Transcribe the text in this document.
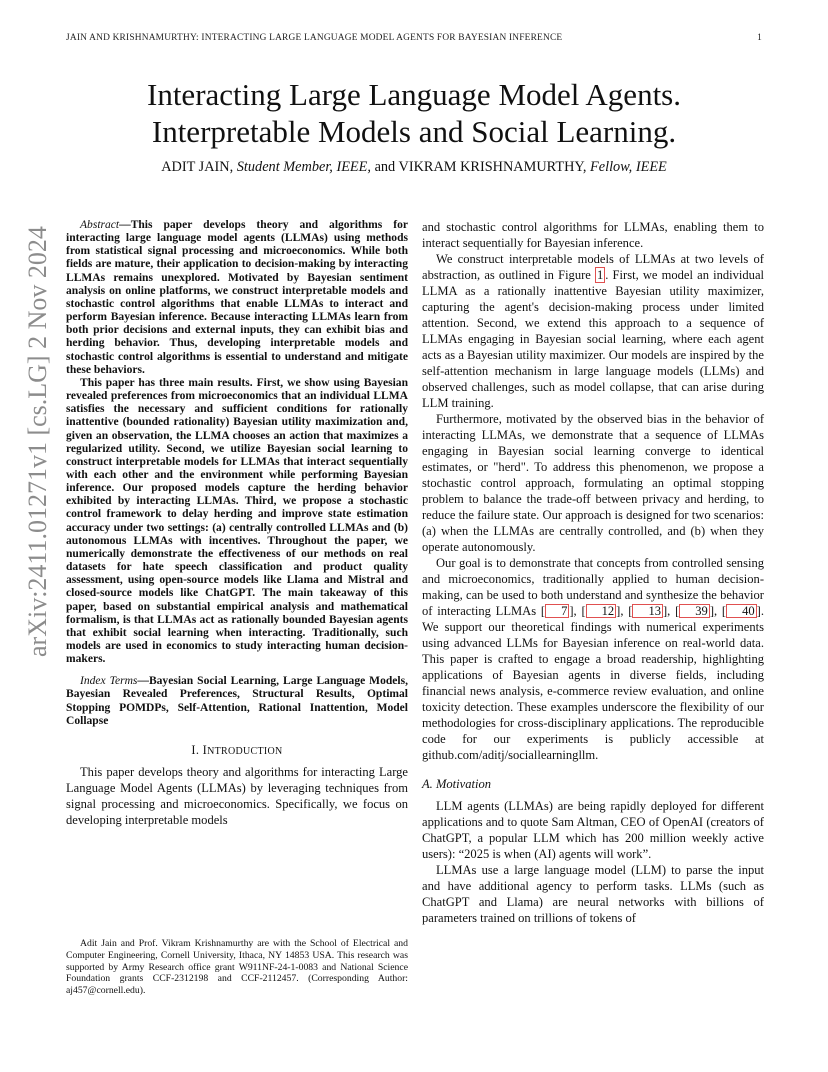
JAIN AND KRISHNAMURTHY: INTERACTING LARGE LANGUAGE MODEL AGENTS FOR BAYESIAN INFERENCE	1
arXiv:2411.01271v1 [cs.LG] 2 Nov 2024
Interacting Large Language Model Agents.
Interpretable Models and Social Learning.
ADIT JAIN, Student Member, IEEE, and VIKRAM KRISHNAMURTHY, Fellow, IEEE

Abstract—This paper develops theory and algorithms for interacting large language model agents (LLMAs) using methods from statistical signal processing and microeconomics. While both fields are mature, their application to decision-making by interacting LLMAs remains unexplored. Motivated by Bayesian sentiment analysis on online platforms, we construct interpretable models and stochastic control algorithms that enable LLMAs to interact and perform Bayesian inference. Because interacting LLMAs learn from both prior decisions and external inputs, they can exhibit bias and herding behavior. Thus, developing interpretable models and stochastic control algorithms is essential to understand and mitigate these behaviors.

This paper has three main results. First, we show using Bayesian revealed preferences from microeconomics that an individual LLMA satisfies the necessary and sufficient conditions for rationally inattentive (bounded rationality) Bayesian utility maximization and, given an observation, the LLMA chooses an action that maximizes a regularized utility. Second, we utilize Bayesian social learning to construct interpretable models for LLMAs that interact sequentially with each other and the environment while performing Bayesian inference. Our proposed models capture the herding behavior exhibited by interacting LLMAs. Third, we propose a stochastic control framework to delay herding and improve state estimation accuracy under two settings: (a) centrally controlled LLMAs and (b) autonomous LLMAs with incentives. Throughout the paper, we numerically demonstrate the effectiveness of our methods on real datasets for hate speech classification and product quality assessment, using open-source models like Llama and Mistral and closed-source models like ChatGPT. The main takeaway of this paper, based on substantial empirical analysis and mathematical formalism, is that LLMAs act as rationally bounded Bayesian agents that exhibit social learning when interacting. Traditionally, such models are used in economics to study interacting human decision-makers.

Index Terms—Bayesian Social Learning, Large Language Models, Bayesian Revealed Preferences, Structural Results, Optimal Stopping POMDPs, Self-Attention, Rational Inattention, Model Collapse

I. INTRODUCTION

This paper develops theory and algorithms for interacting Large Language Model Agents (LLMAs) by leveraging techniques from signal processing and microeconomics. Specifically, we focus on developing interpretable models

Adit Jain and Prof. Vikram Krishnamurthy are with the School of Electrical and Computer Engineering, Cornell University, Ithaca, NY 14853 USA. This research was supported by Army Research office grant W911NF-24-1-0083 and National Science Foundation grants CCF-2312198 and CCF-2112457. (Corresponding Author: aj457@cornell.edu).

and stochastic control algorithms for LLMAs, enabling them to interact sequentially for Bayesian inference.

We construct interpretable models of LLMAs at two levels of abstraction, as outlined in Figure 1 . First, we model an individual LLMA as a rationally inattentive Bayesian utility maximizer, capturing the agent's decision-making process under limited attention. Second, we extend this approach to a sequence of LLMAs engaging in Bayesian social learning, where each agent acts as a Bayesian utility maximizer. Our models are inspired by the self-attention mechanism in large language models (LLMs) and observed challenges, such as model collapse, that can arise during LLM training.

Furthermore, motivated by the observed bias in the behavior of interacting LLMAs, we demonstrate that a sequence of LLMAs engaging in Bayesian social learning converge to identical estimates, or "herd". To address this phenomenon, we propose a stochastic control approach, formulating an optimal stopping problem to balance the trade-off between privacy and herding, to reduce the failure state. Our approach is designed for two scenarios: (a) when the LLMAs are centrally controlled, and (b) when they operate autonomously.

Our goal is to demonstrate that concepts from controlled sensing and microeconomics, traditionally applied to human decision-making, can be used to both understand and synthesize the behavior of interacting LLMAs [ 7 ], [ 12 ], [ 13 ], [ 39 ], [ 40 ]. We support our theoretical findings with numerical experiments using advanced LLMs for Bayesian inference on real-world data. This paper is crafted to engage a broad readership, highlighting applications of Bayesian agents in diverse fields, including financial news analysis, e-commerce review evaluation, and online toxicity detection. These examples underscore the flexibility of our methodologies for cross-disciplinary applications. The reproducible code for our experiments is publicly accessible at github.com/aditj/sociallearningllm.

A. Motivation

LLM agents (LLMAs) are being rapidly deployed for different applications and to quote Sam Altman, CEO of OpenAI (creators of ChatGPT, a popular LLM which has 200 million weekly active users): “2025 is when (AI) agents will work”.

LLMAs use a large language model (LLM) to parse the input and have additional agency to perform tasks. LLMs (such as ChatGPT and Llama) are neural networks with billions of parameters trained on trillions of tokens of
